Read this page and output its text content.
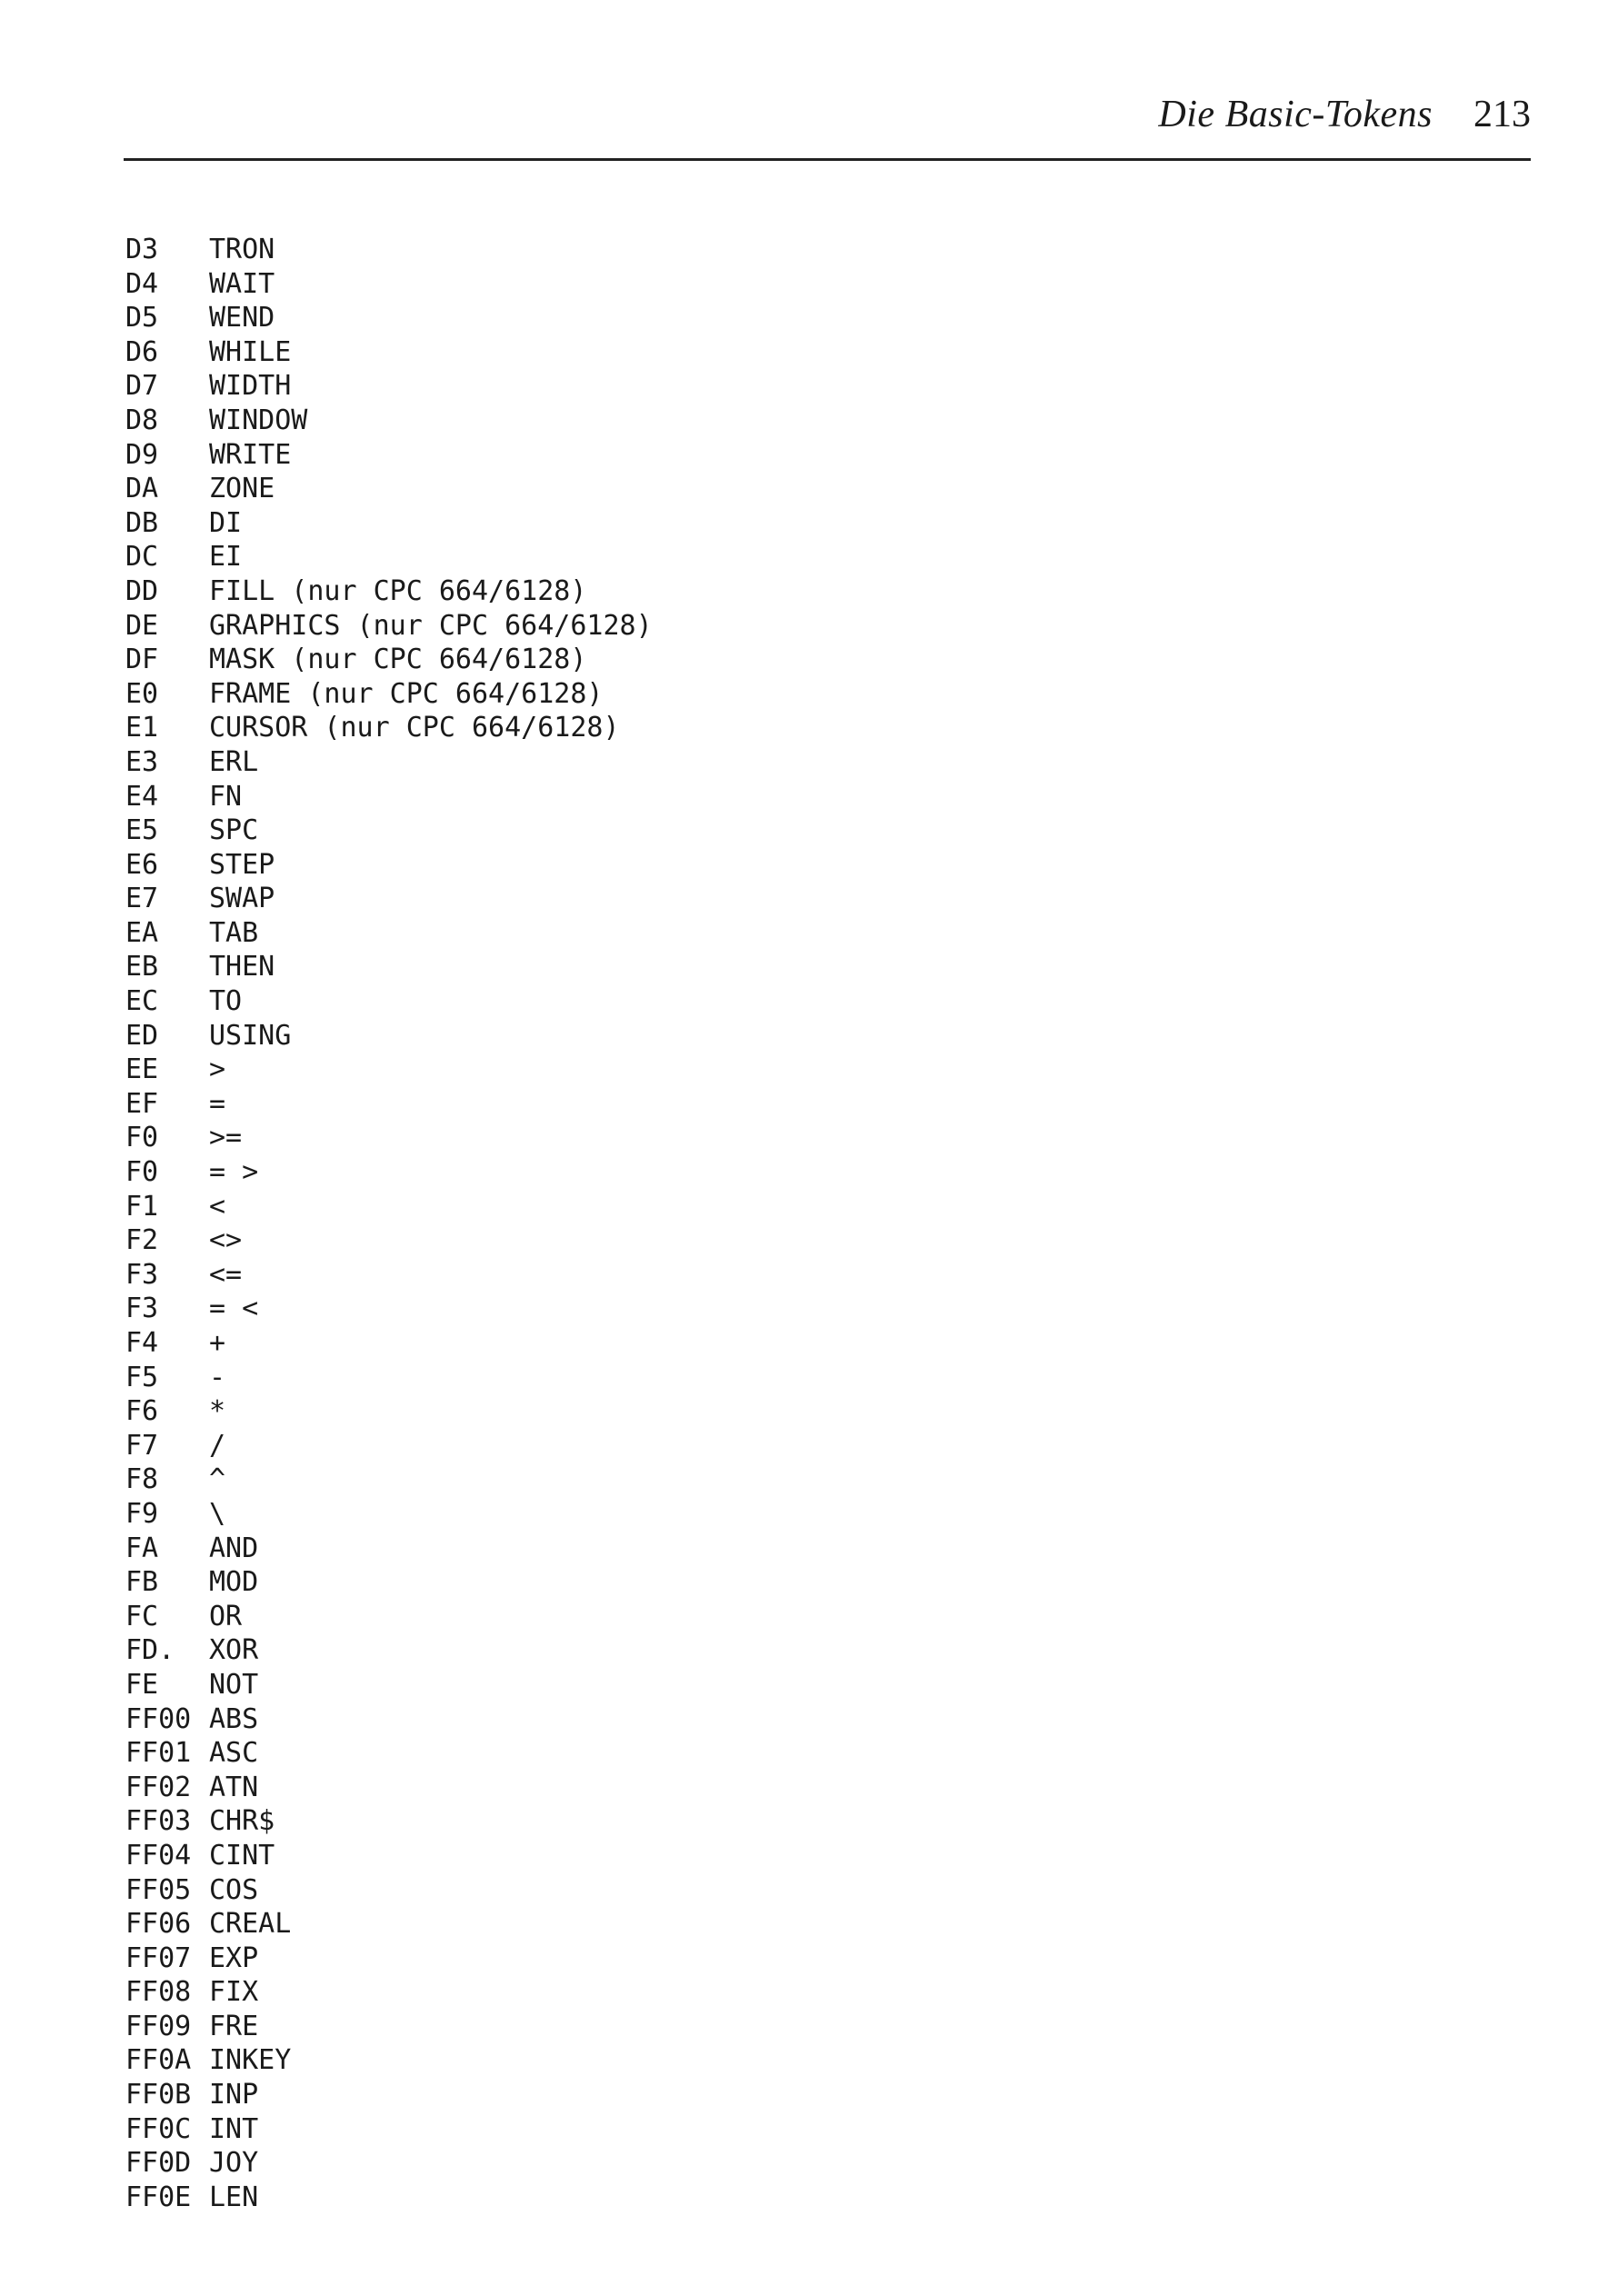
Die Basic-Tokens 213
D3 TRON
D4 WAIT
D5 WEND
D6 WHILE
D7 WIDTH
D8 WINDOW
D9 WRITE
DA ZONE
DB DI
DC EI
DD FILL (nur CPC 664/6128)
DE GRAPHICS (nur CPC 664/6128)
DF MASK (nur CPC 664/6128)
E0 FRAME (nur CPC 664/6128)
E1 CURSOR (nur CPC 664/6128)
E3 ERL
E4 FN
E5 SPC
E6 STEP
E7 SWAP
EA TAB
EB THEN
EC TO
ED USING
EE >
EF =
F0 >=
F0 = >
F1 <
F2 <>
F3 <=
F3 = <
F4 +
F5 -
F6 *
F7 /
F8 ^
F9 \
FA AND
FB MOD
FC OR
FD. XOR
FE NOT
FF00 ABS
FF01 ASC
FF02 ATN
FF03 CHR$
FF04 CINT
FF05 COS
FF06 CREAL
FF07 EXP
FF08 FIX
FF09 FRE
FF0A INKEY
FF0B INP
FF0C INT
FF0D JOY
FF0E LEN
